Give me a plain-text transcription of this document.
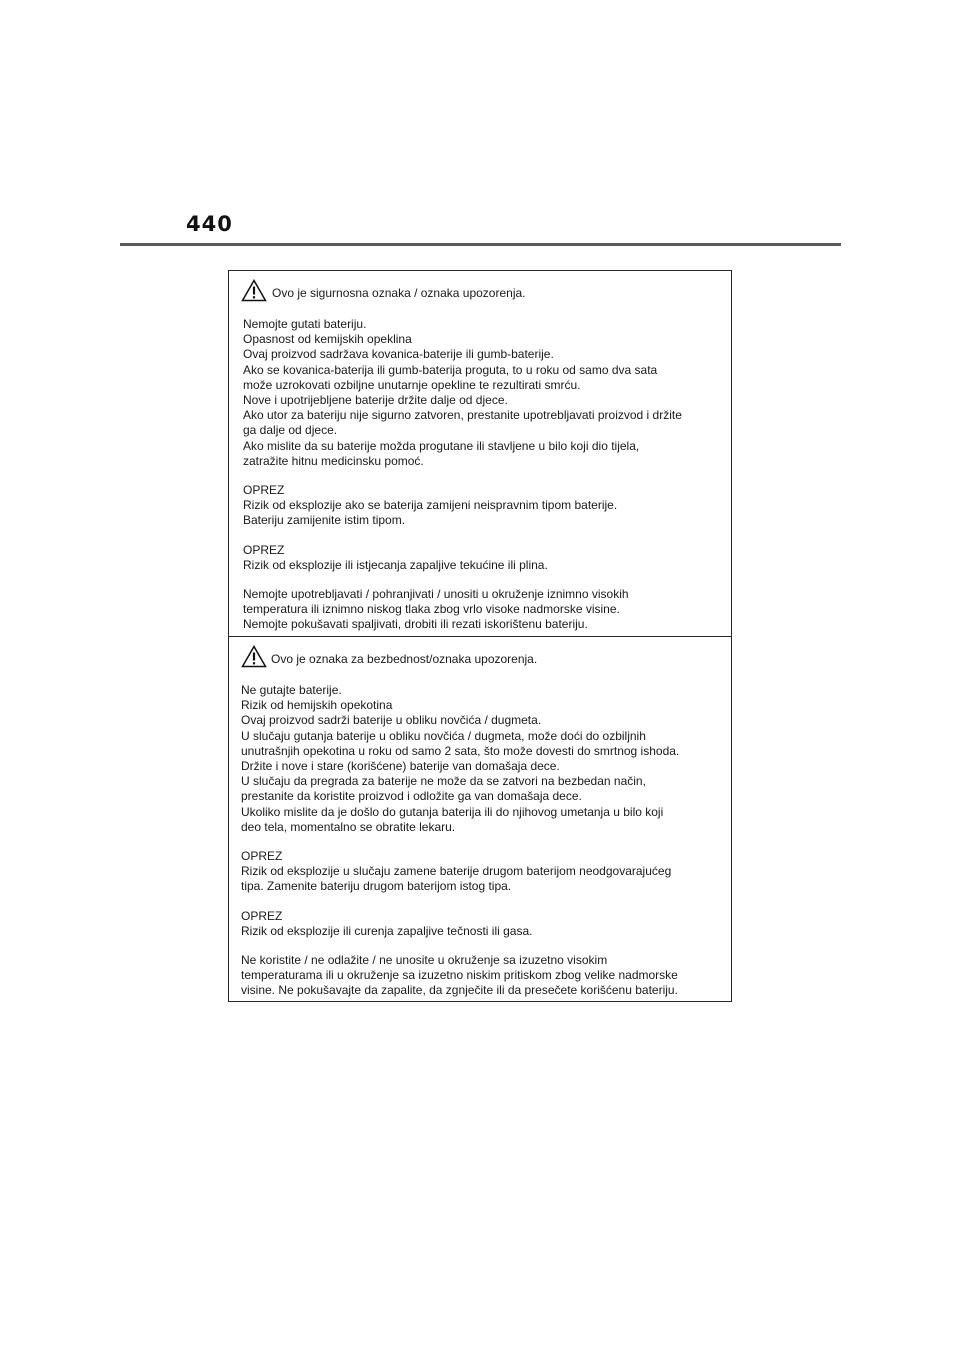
440
Ovo je sigurnosna oznaka / oznaka upozorenja.

Nemojte gutati bateriju.
Opasnost od kemijskih opeklina
Ovaj proizvod sadržava kovanica-baterije ili gumb-baterije.
Ako se kovanica-baterija ili gumb-baterija proguta, to u roku od samo dva sata
može uzrokovati ozbiljne unutarnje opekline te rezultirati smrću.
Nove i upotrijebljene baterije držite dalje od djece.
Ako utor za bateriju nije sigurno zatvoren, prestanite upotrebljavati proizvod i držite
ga dalje od djece.
Ako mislite da su baterije možda progutane ili stavljene u bilo koji dio tijela,
zatražite hitnu medicinsku pomoć.

OPREZ
Rizik od eksplozije ako se baterija zamijeni neispravnim tipom baterije.
Bateriju zamijenite istim tipom.

OPREZ
Rizik od eksplozije ili istjecanja zapaljive tekućine ili plina.

Nemojte upotrebljavati / pohranjivati / unositi u okruženje iznimno visokih
temperatura ili iznimno niskog tlaka zbog vrlo visoke nadmorske visine.
Nemojte pokušavati spaljivati, drobiti ili rezati iskorištenu bateriju.

Ovo je oznaka za bezbednost/oznaka upozorenja.

Ne gutajte baterije.
Rizik od hemijskih opekotina
Ovaj proizvod sadrži baterije u obliku novčića / dugmeta.
U slučaju gutanja baterije u obliku novčića / dugmeta, može doći do ozbiljnih
unutrašnjih opekotina u roku od samo 2 sata, što može dovesti do smrtnog ishoda.
Držite i nove i stare (korišćene) baterije van domašaja dece.
U slučaju da pregrada za baterije ne može da se zatvori na bezbedan način,
prestanite da koristite proizvod i odložite ga van domašaja dece.
Ukoliko mislite da je došlo do gutanja baterija ili do njihovog umetanja u bilo koji
deo tela, momentalno se obratite lekaru.

OPREZ
Rizik od eksplozije u slučaju zamene baterije drugom baterijom neodgovarajućeg
tipa. Zamenite bateriju drugom baterijom istog tipa.

OPREZ
Rizik od eksplozije ili curenja zapaljive tečnosti ili gasa.

Ne koristite / ne odlažite / ne unosite u okruženje sa izuzetno visokim
temperaturama ili u okruženje sa izuzetno niskim pritiskom zbog velike nadmorske
visine. Ne pokušavajte da zapalite, da zgnječite ili da presečete korišćenu bateriju.
